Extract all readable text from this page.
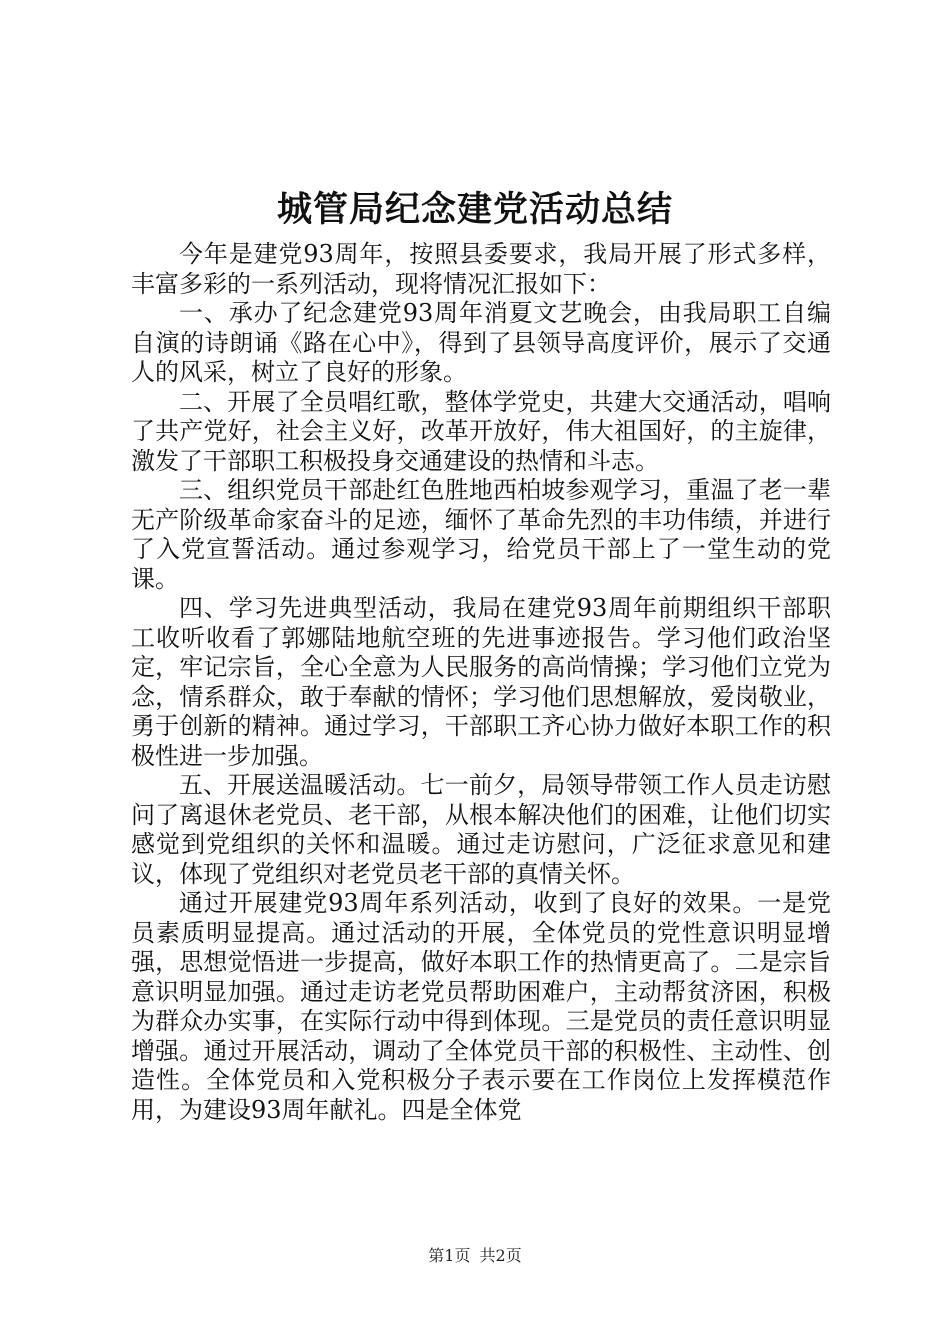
城管局纪念建党活动总结

今年是建党93周年，按照县委要求，我局开展了形式多样，丰富多彩的一系列活动，现将情况汇报如下：

一、承办了纪念建党93周年消夏文艺晚会，由我局职工自编自演的诗朗诵《路在心中》，得到了县领导高度评价，展示了交通人的风采，树立了良好的形象。

二、开展了全员唱红歌，整体学党史，共建大交通活动，唱响了共产党好，社会主义好，改革开放好，伟大祖国好，的主旋律，激发了干部职工积极投身交通建设的热情和斗志。

三、组织党员干部赴红色胜地西柏坡参观学习，重温了老一辈无产阶级革命家奋斗的足迹，缅怀了革命先烈的丰功伟绩，并进行了入党宣誓活动。通过参观学习，给党员干部上了一堂生动的党课。

四、学习先进典型活动，我局在建党93周年前期组织干部职工收听收看了郭娜陆地航空班的先进事迹报告。学习他们政治坚定，牢记宗旨，全心全意为人民服务的高尚情操；学习他们立党为念，情系群众，敢于奉献的情怀；学习他们思想解放，爱岗敬业，勇于创新的精神。通过学习，干部职工齐心协力做好本职工作的积极性进一步加强。

五、开展送温暖活动。七一前夕，局领导带领工作人员走访慰问了离退休老党员、老干部，从根本解决他们的困难，让他们切实感觉到党组织的关怀和温暖。通过走访慰问，广泛征求意见和建议，体现了党组织对老党员老干部的真情关怀。

通过开展建党93周年系列活动，收到了良好的效果。一是党员素质明显提高。通过活动的开展，全体党员的党性意识明显增强，思想觉悟进一步提高，做好本职工作的热情更高了。二是宗旨意识明显加强。通过走访老党员帮助困难户，主动帮贫济困，积极为群众办实事，在实际行动中得到体现。三是党员的责任意识明显增强。通过开展活动，调动了全体党员干部的积极性、主动性、创造性。全体党员和入党积极分子表示要在工作岗位上发挥模范作用，为建设93周年献礼。四是全体党

第1页 共2页
